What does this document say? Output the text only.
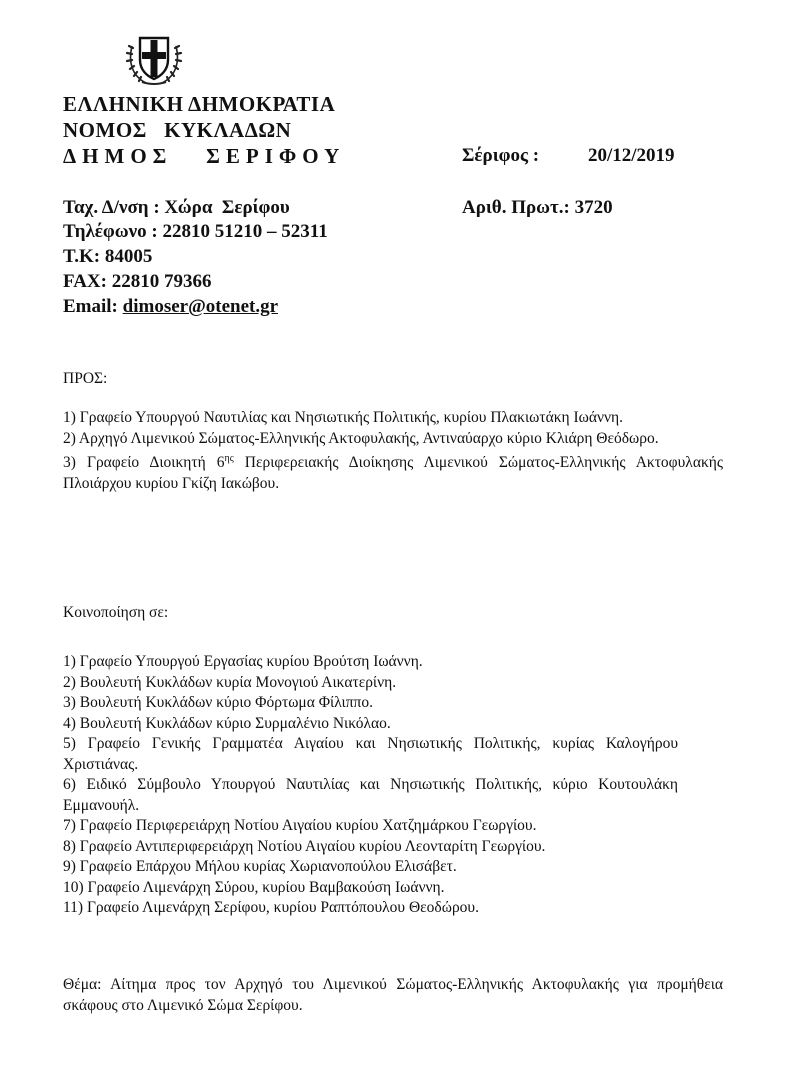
ΕΛΛΗΝΙΚΗ ΔΗΜΟΚΡΑΤΙΑ
ΝΟΜΟΣ   ΚΥΚΛΑΔΩΝ
ΔΗΜΟΣ   ΣΕΡΙΦΟΥ	Σέριφος :	20/12/2019
Ταχ. Δ/νση : Χώρα  Σερίφου
Τηλέφωνο : 22810 51210 – 52311
Τ.Κ: 84005
FAX: 22810 79366
Email: dimoser@otenet.gr
Αριθ. Πρωτ.: 3720
ΠΡΟΣ:

1) Γραφείο Υπουργού Ναυτιλίας και Νησιωτικής Πολιτικής, κυρίου Πλακιωτάκη Ιωάννη.

2) Αρχηγό Λιμενικού Σώματος-Ελληνικής Ακτοφυλακής, Αντιναύαρχο κύριο Κλιάρη Θεόδωρο.

3) Γραφείο Διοικητή $6^{\eta\varsigma}$ Περιφερειακής Διοίκησης Λιμενικού Σώματος-Ελληνικής Ακτοφυλακής Πλοιάρχου κυρίου Γκίζη Ιακώβου.

Κοινοποίηση σε:

1) Γραφείο Υπουργού Εργασίας κυρίου Βρούτση Ιωάννη.

2) Βουλευτή Κυκλάδων κυρία Μονογιού Αικατερίνη.

3) Βουλευτή Κυκλάδων κύριο Φόρτωμα Φίλιππο.

4) Βουλευτή Κυκλάδων κύριο Συρμαλένιο Νικόλαο.

5) Γραφείο Γενικής Γραμματέα Αιγαίου και Νησιωτικής Πολιτικής, κυρίας Καλογήρου Χριστιάνας.

6) Ειδικό Σύμβουλο Υπουργού Ναυτιλίας και Νησιωτικής Πολιτικής, κύριο Κουτουλάκη Εμμανουήλ.

7) Γραφείο Περιφερειάρχη Νοτίου Αιγαίου κυρίου Χατζημάρκου Γεωργίου.

8) Γραφείο Αντιπεριφερειάρχη Νοτίου Αιγαίου κυρίου Λεονταρίτη Γεωργίου.

9) Γραφείο Επάρχου Μήλου κυρίας Χωριανοπούλου Ελισάβετ.

10) Γραφείο Λιμενάρχη Σύρου, κυρίου Βαμβακούση Ιωάννη.

11) Γραφείο Λιμενάρχη Σερίφου, κυρίου Ραπτόπουλου Θεοδώρου.

Θέμα: Αίτημα προς τον Αρχηγό του Λιμενικού Σώματος-Ελληνικής Ακτοφυλακής για προμήθεια σκάφους στο Λιμενικό Σώμα Σερίφου.
